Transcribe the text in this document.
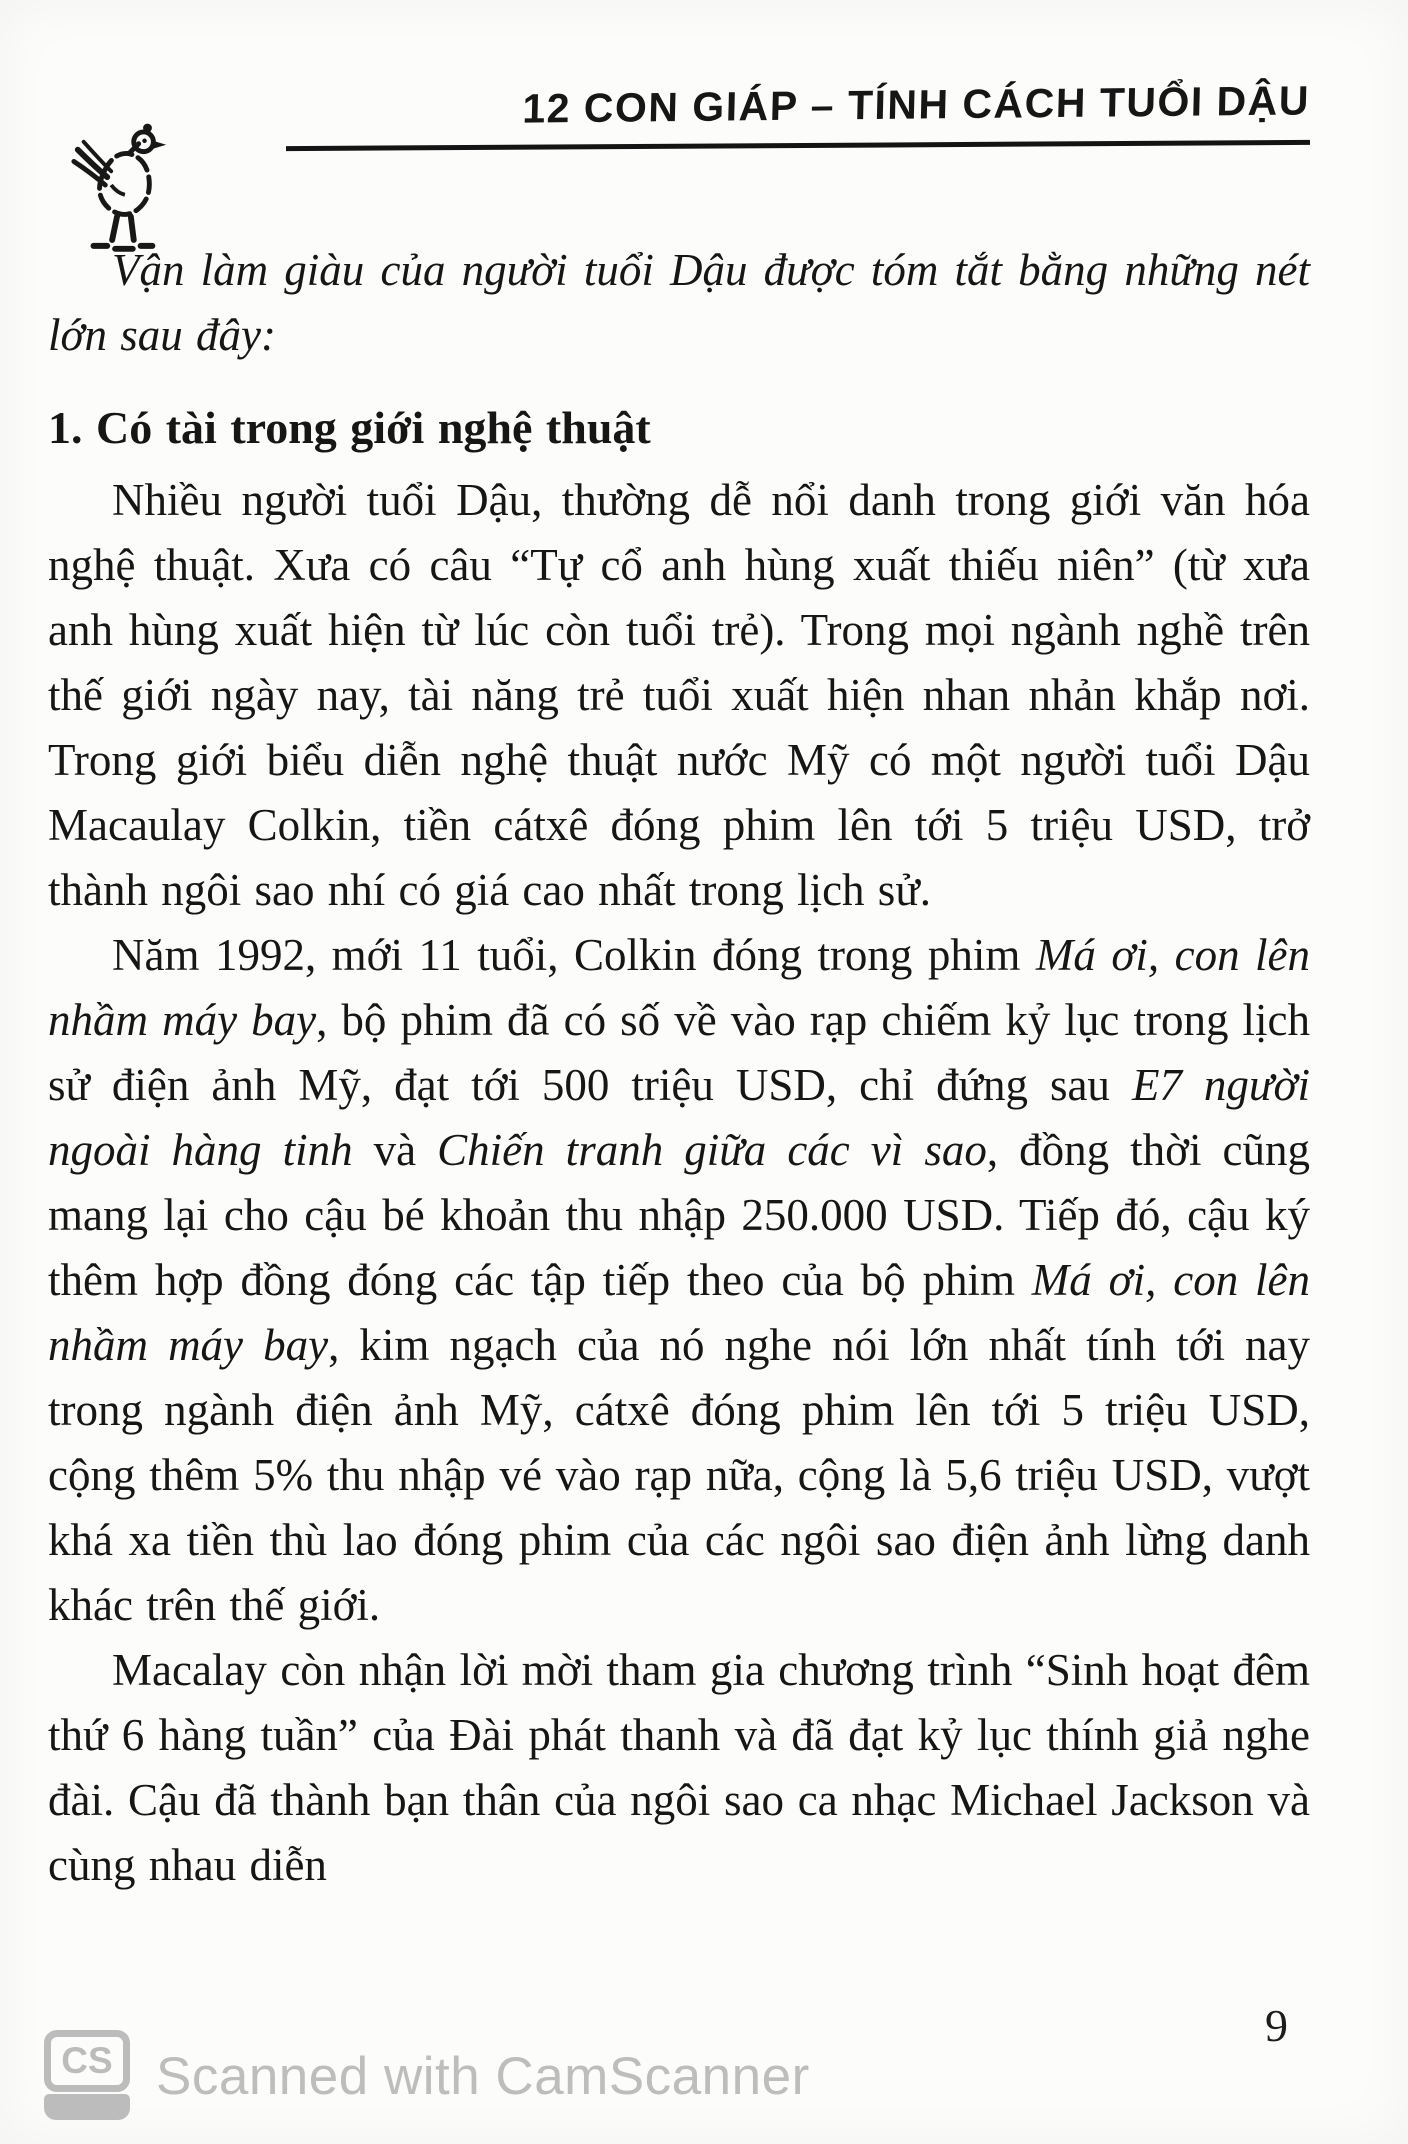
12 CON GIÁP – TÍNH CÁCH TUỔI DẬU

Vận làm giàu của người tuổi Dậu được tóm tắt bằng những nét lớn sau đây:

1. Có tài trong giới nghệ thuật

Nhiều người tuổi Dậu, thường dễ nổi danh trong giới văn hóa nghệ thuật. Xưa có câu “Tự cổ anh hùng xuất thiếu niên” (từ xưa anh hùng xuất hiện từ lúc còn tuổi trẻ). Trong mọi ngành nghề trên thế giới ngày nay, tài năng trẻ tuổi xuất hiện nhan nhản khắp nơi. Trong giới biểu diễn nghệ thuật nước Mỹ có một người tuổi Dậu Macaulay Colkin, tiền cátxê đóng phim lên tới 5 triệu USD, trở thành ngôi sao nhí có giá cao nhất trong lịch sử.

Năm 1992, mới 11 tuổi, Colkin đóng trong phim Má ơi, con lên nhầm máy bay, bộ phim đã có số về vào rạp chiếm kỷ lục trong lịch sử điện ảnh Mỹ, đạt tới 500 triệu USD, chỉ đứng sau E7 người ngoài hàng tinh và Chiến tranh giữa các vì sao, đồng thời cũng mang lại cho cậu bé khoản thu nhập 250.000 USD. Tiếp đó, cậu ký thêm hợp đồng đóng các tập tiếp theo của bộ phim Má ơi, con lên nhầm máy bay, kim ngạch của nó nghe nói lớn nhất tính tới nay trong ngành điện ảnh Mỹ, cátxê đóng phim lên tới 5 triệu USD, cộng thêm 5% thu nhập vé vào rạp nữa, cộng là 5,6 triệu USD, vượt khá xa tiền thù lao đóng phim của các ngôi sao điện ảnh lừng danh khác trên thế giới.

Macalay còn nhận lời mời tham gia chương trình “Sinh hoạt đêm thứ 6 hàng tuần” của Đài phát thanh và đã đạt kỷ lục thính giả nghe đài. Cậu đã thành bạn thân của ngôi sao ca nhạc Michael Jackson và cùng nhau diễn

9
CS Scanned with CamScanner
